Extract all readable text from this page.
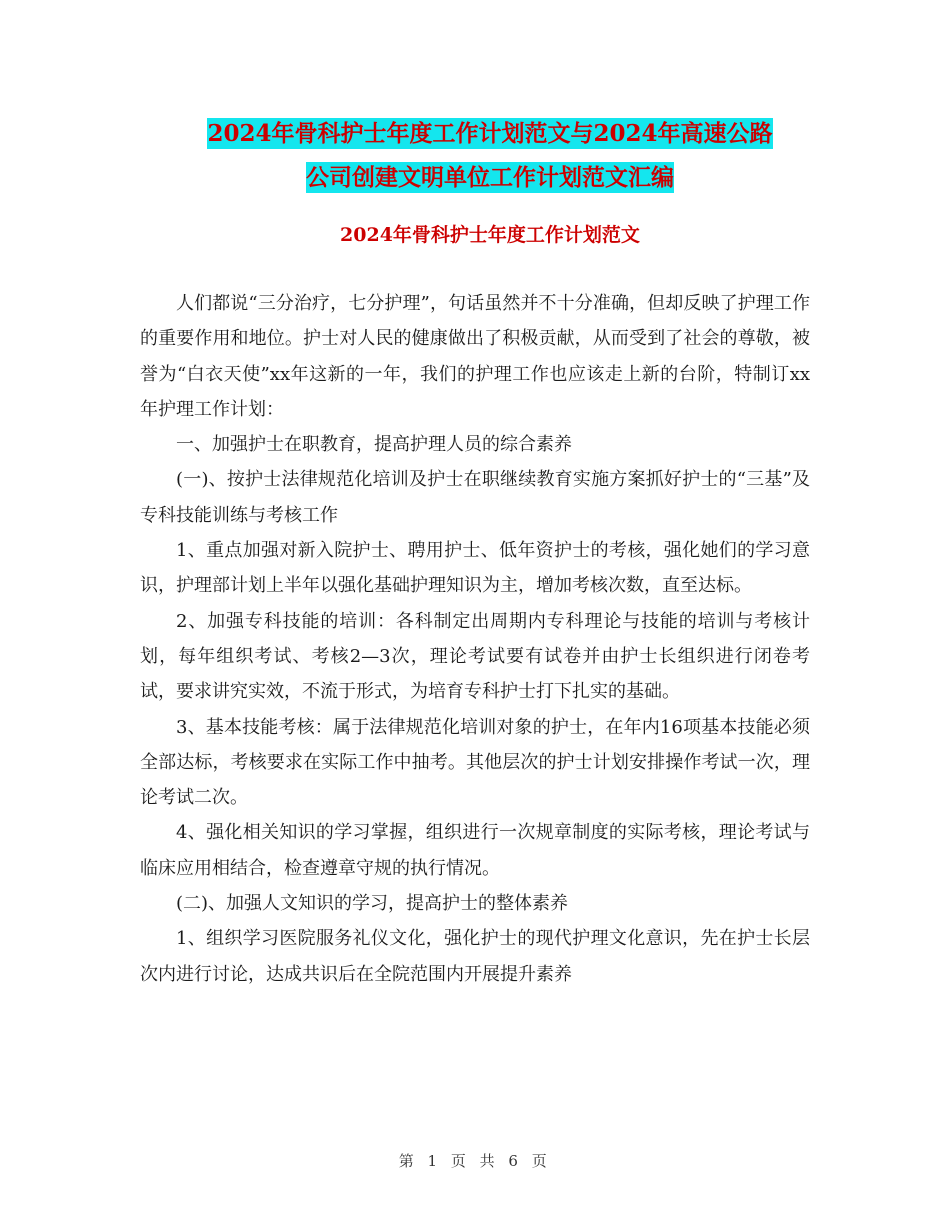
2024年骨科护士年度工作计划范文与2024年高速公路
公司创建文明单位工作计划范文汇编
2024年骨科护士年度工作计划范文

人们都说“三分治疗，七分护理”，句话虽然并不十分准确，但却反映了护理工作的重要作用和地位。护士对人民的健康做出了积极贡献，从而受到了社会的尊敬，被誉为“白衣天使”xx年这新的一年，我们的护理工作也应该走上新的台阶，特制订xx年护理工作计划：

一、加强护士在职教育，提高护理人员的综合素养

(一)、按护士法律规范化培训及护士在职继续教育实施方案抓好护士的“三基”及专科技能训练与考核工作

1、重点加强对新入院护士、聘用护士、低年资护士的考核，强化她们的学习意识，护理部计划上半年以强化基础护理知识为主，增加考核次数，直至达标。

2、加强专科技能的培训：各科制定出周期内专科理论与技能的培训与考核计划，每年组织考试、考核2—3次，理论考试要有试卷并由护士长组织进行闭卷考试，要求讲究实效，不流于形式，为培育专科护士打下扎实的基础。

3、基本技能考核：属于法律规范化培训对象的护士，在年内16项基本技能必须全部达标，考核要求在实际工作中抽考。其他层次的护士计划安排操作考试一次，理论考试二次。

4、强化相关知识的学习掌握，组织进行一次规章制度的实际考核，理论考试与临床应用相结合，检查遵章守规的执行情况。

(二)、加强人文知识的学习，提高护士的整体素养

1、组织学习医院服务礼仪文化，强化护士的现代护理文化意识，先在护士长层次内进行讨论，达成共识后在全院范围内开展提升素养

第 1 页 共 6 页
